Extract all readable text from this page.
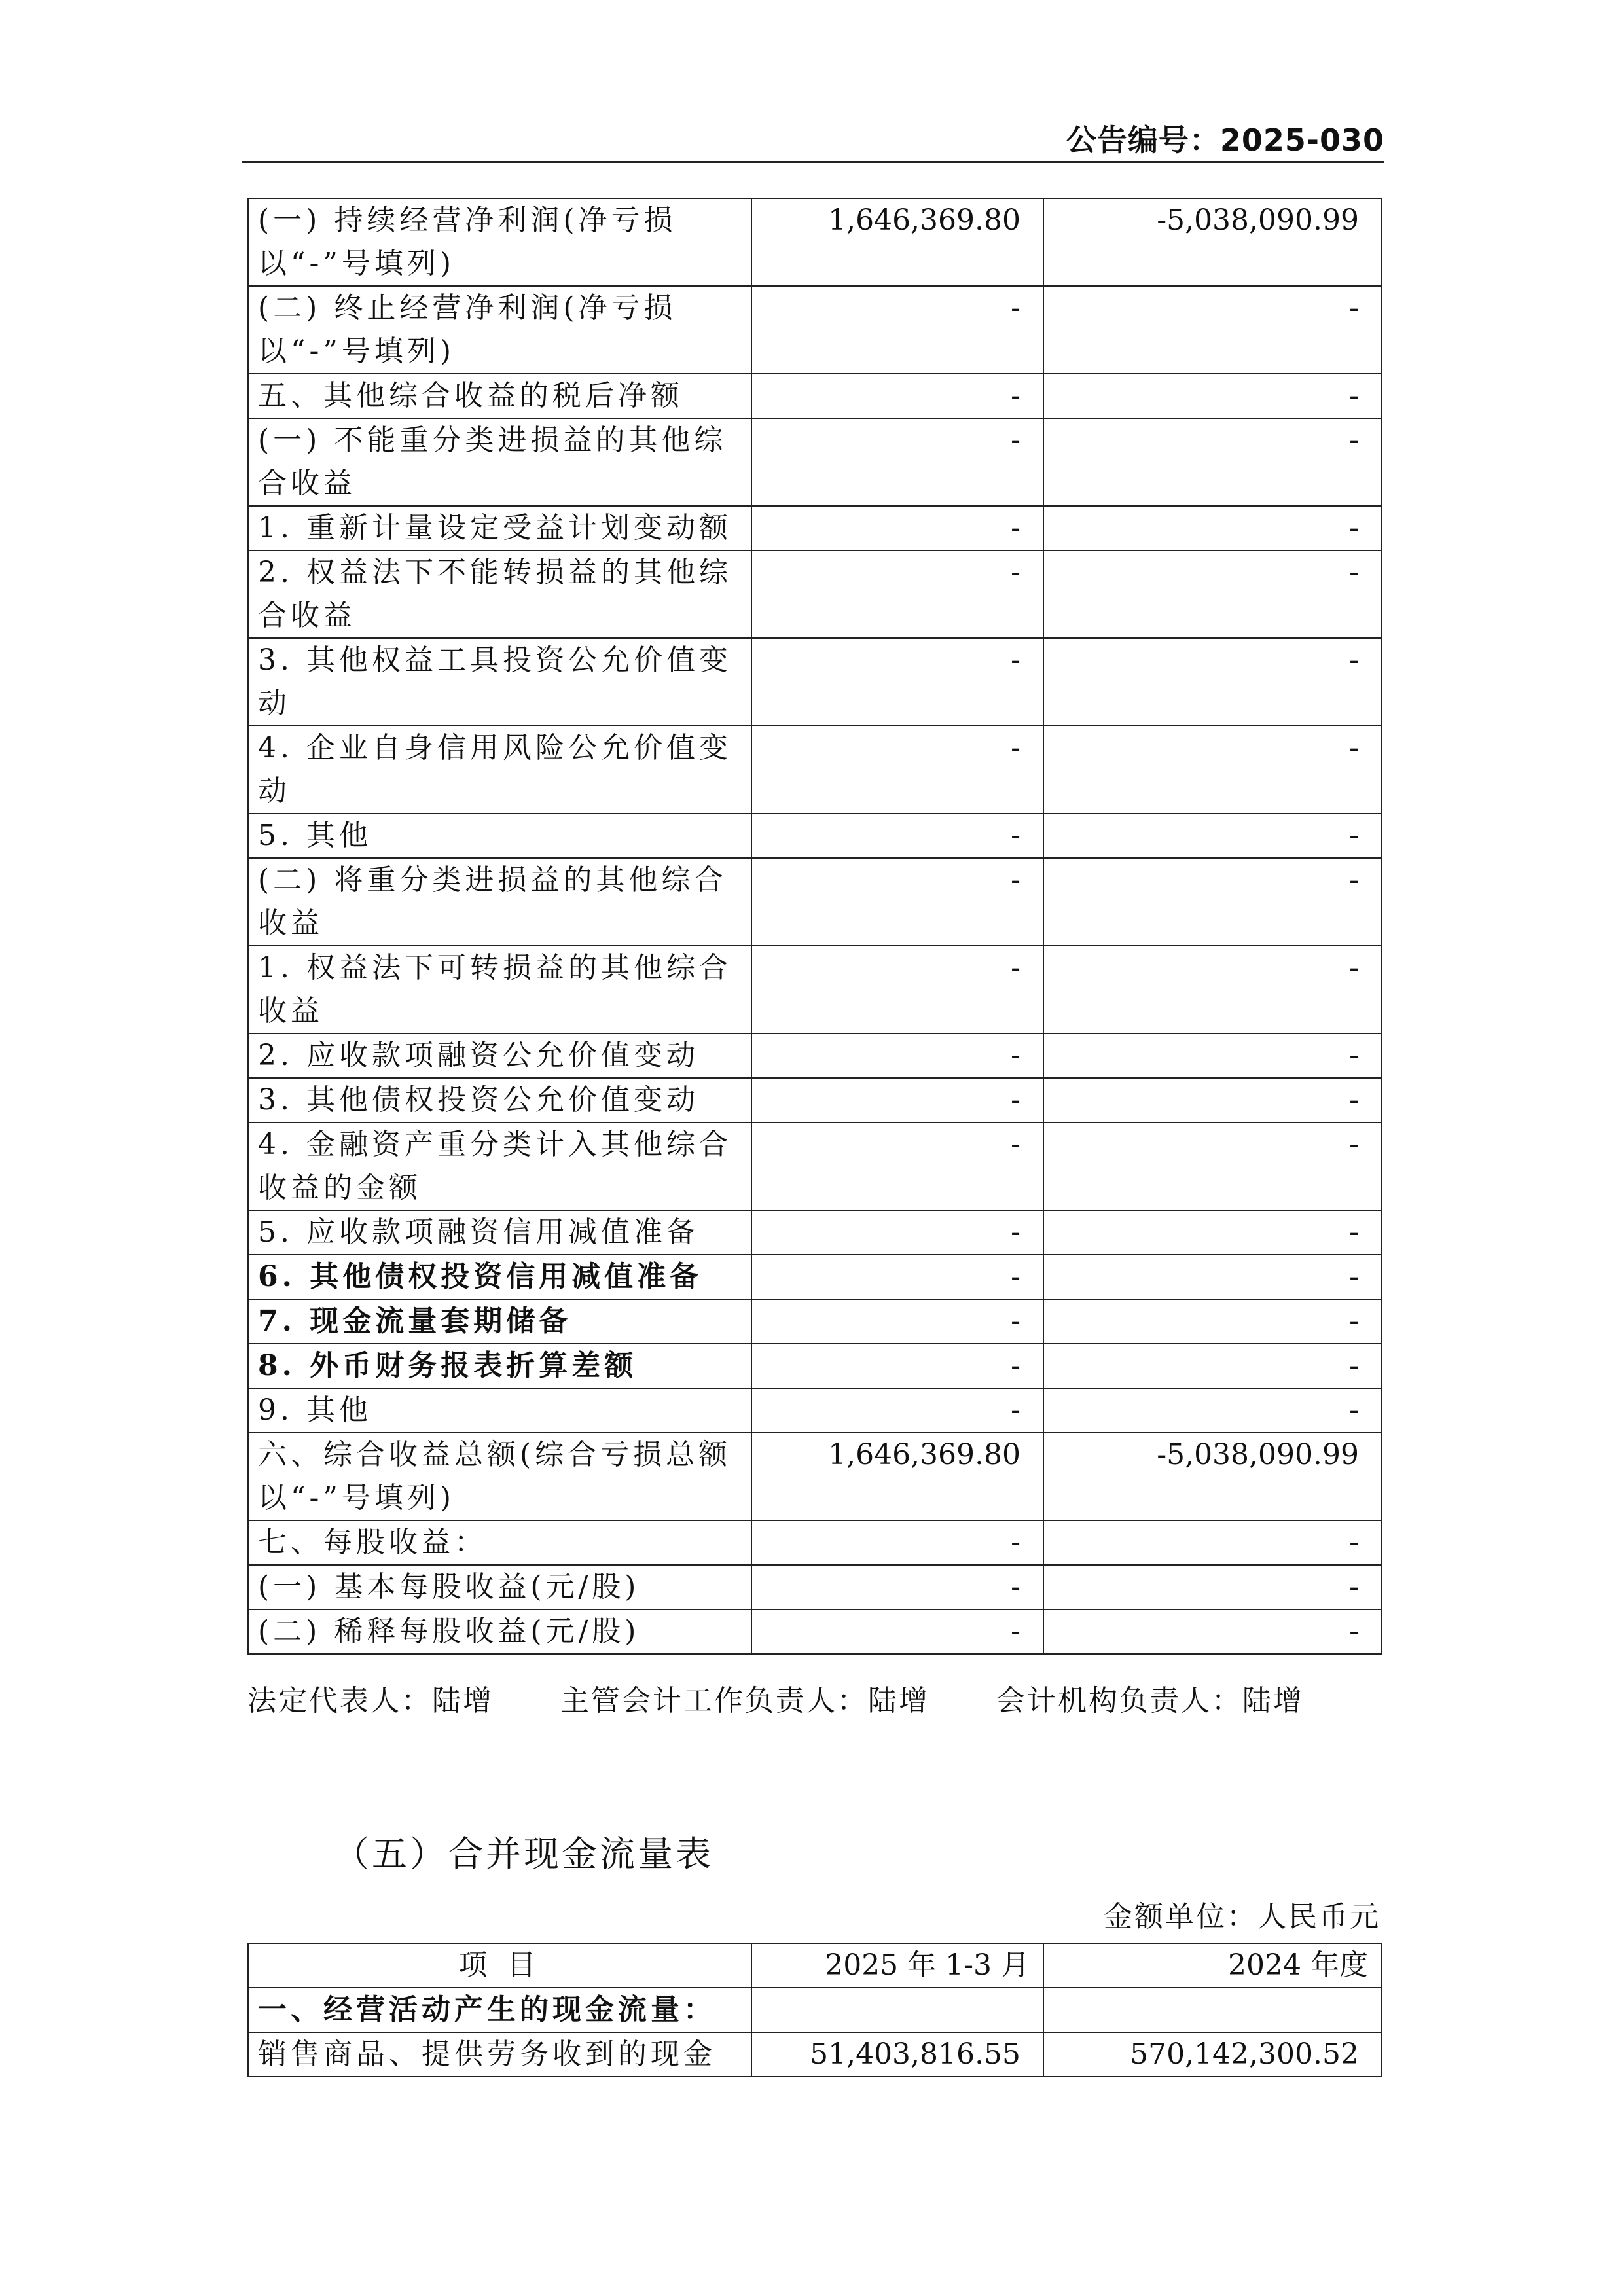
公告编号：2025-030
(一) 持续经营净利润(净亏损以“-”号填列)	1,646,369.80	-5,038,090.99
(二) 终止经营净利润(净亏损以“-”号填列)	-	-
五、其他综合收益的税后净额	-	-
(一) 不能重分类进损益的其他综合收益	-	-
1. 重新计量设定受益计划变动额	-	-
2. 权益法下不能转损益的其他综合收益	-	-
3. 其他权益工具投资公允价值变动	-	-
4. 企业自身信用风险公允价值变动	-	-
5. 其他	-	-
(二) 将重分类进损益的其他综合收益	-	-
1. 权益法下可转损益的其他综合收益	-	-
2. 应收款项融资公允价值变动	-	-
3. 其他债权投资公允价值变动	-	-
4. 金融资产重分类计入其他综合收益的金额	-	-
5. 应收款项融资信用减值准备	-	-
6. 其他债权投资信用减值准备	-	-
7. 现金流量套期储备	-	-
8. 外币财务报表折算差额	-	-
9. 其他	-	-
六、综合收益总额(综合亏损总额以“-”号填列)	1,646,369.80	-5,038,090.99
七、每股收益：	-	-
(一) 基本每股收益(元/股)	-	-
(二) 稀释每股收益(元/股)	-	-
法定代表人：陆增      主管会计工作负责人：陆增      会计机构负责人：陆增
（五）合并现金流量表
金额单位：人民币元
项 目	2025 年 1-3 月	2024 年度
一、经营活动产生的现金流量：		
销售商品、提供劳务收到的现金	51,403,816.55	570,142,300.52
